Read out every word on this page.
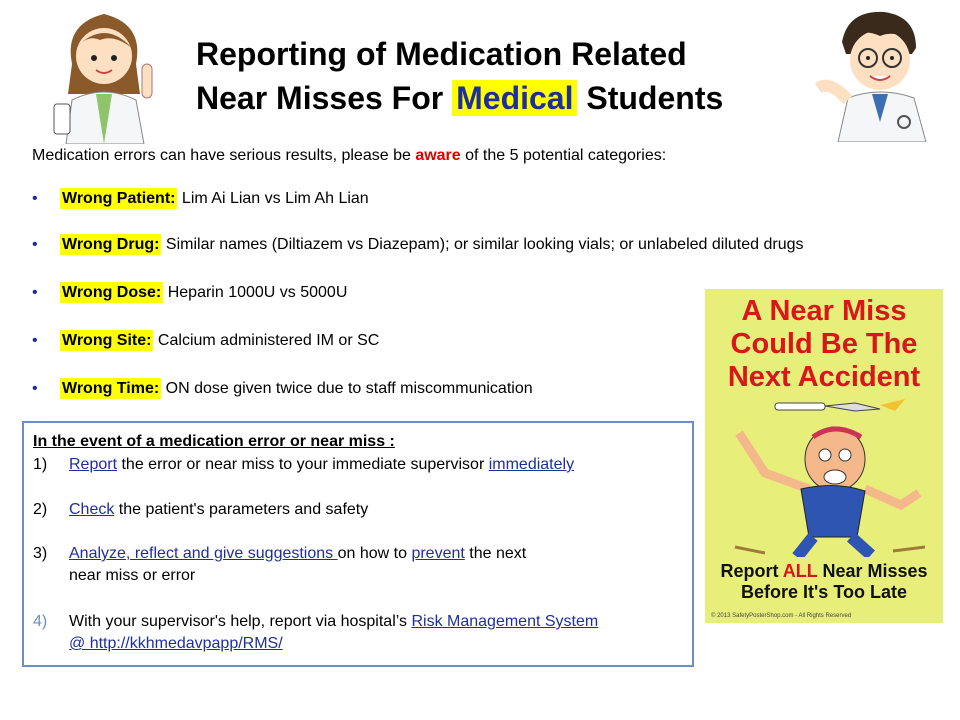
Reporting of Medication Related
Near Misses For Medical Students
Medication errors can have serious results, please be aware of the 5 potential categories:
• Wrong Patient: Lim Ai Lian vs Lim Ah Lian
• Wrong Drug: Similar names (Diltiazem vs Diazepam); or similar looking vials; or unlabeled diluted drugs
• Wrong Dose: Heparin 1000U vs 5000U
• Wrong Site: Calcium administered IM or SC
• Wrong Time: ON dose given twice due to staff miscommunication
In the event of a medication error or near miss :
1) Report the error or near miss to your immediate supervisor immediately
2) Check the patient's parameters and safety
3) Analyze, reflect and give suggestions on how to prevent the next
near miss or error
4) With your supervisor's help, report via hospital’s Risk Management System
@ http://kkhmedavpapp/RMS/
A Near Miss
Could Be The
Next Accident
Report ALL Near Misses
Before It's Too Late
© 2013 SafetyPosterShop.com - All Rights Reserved
